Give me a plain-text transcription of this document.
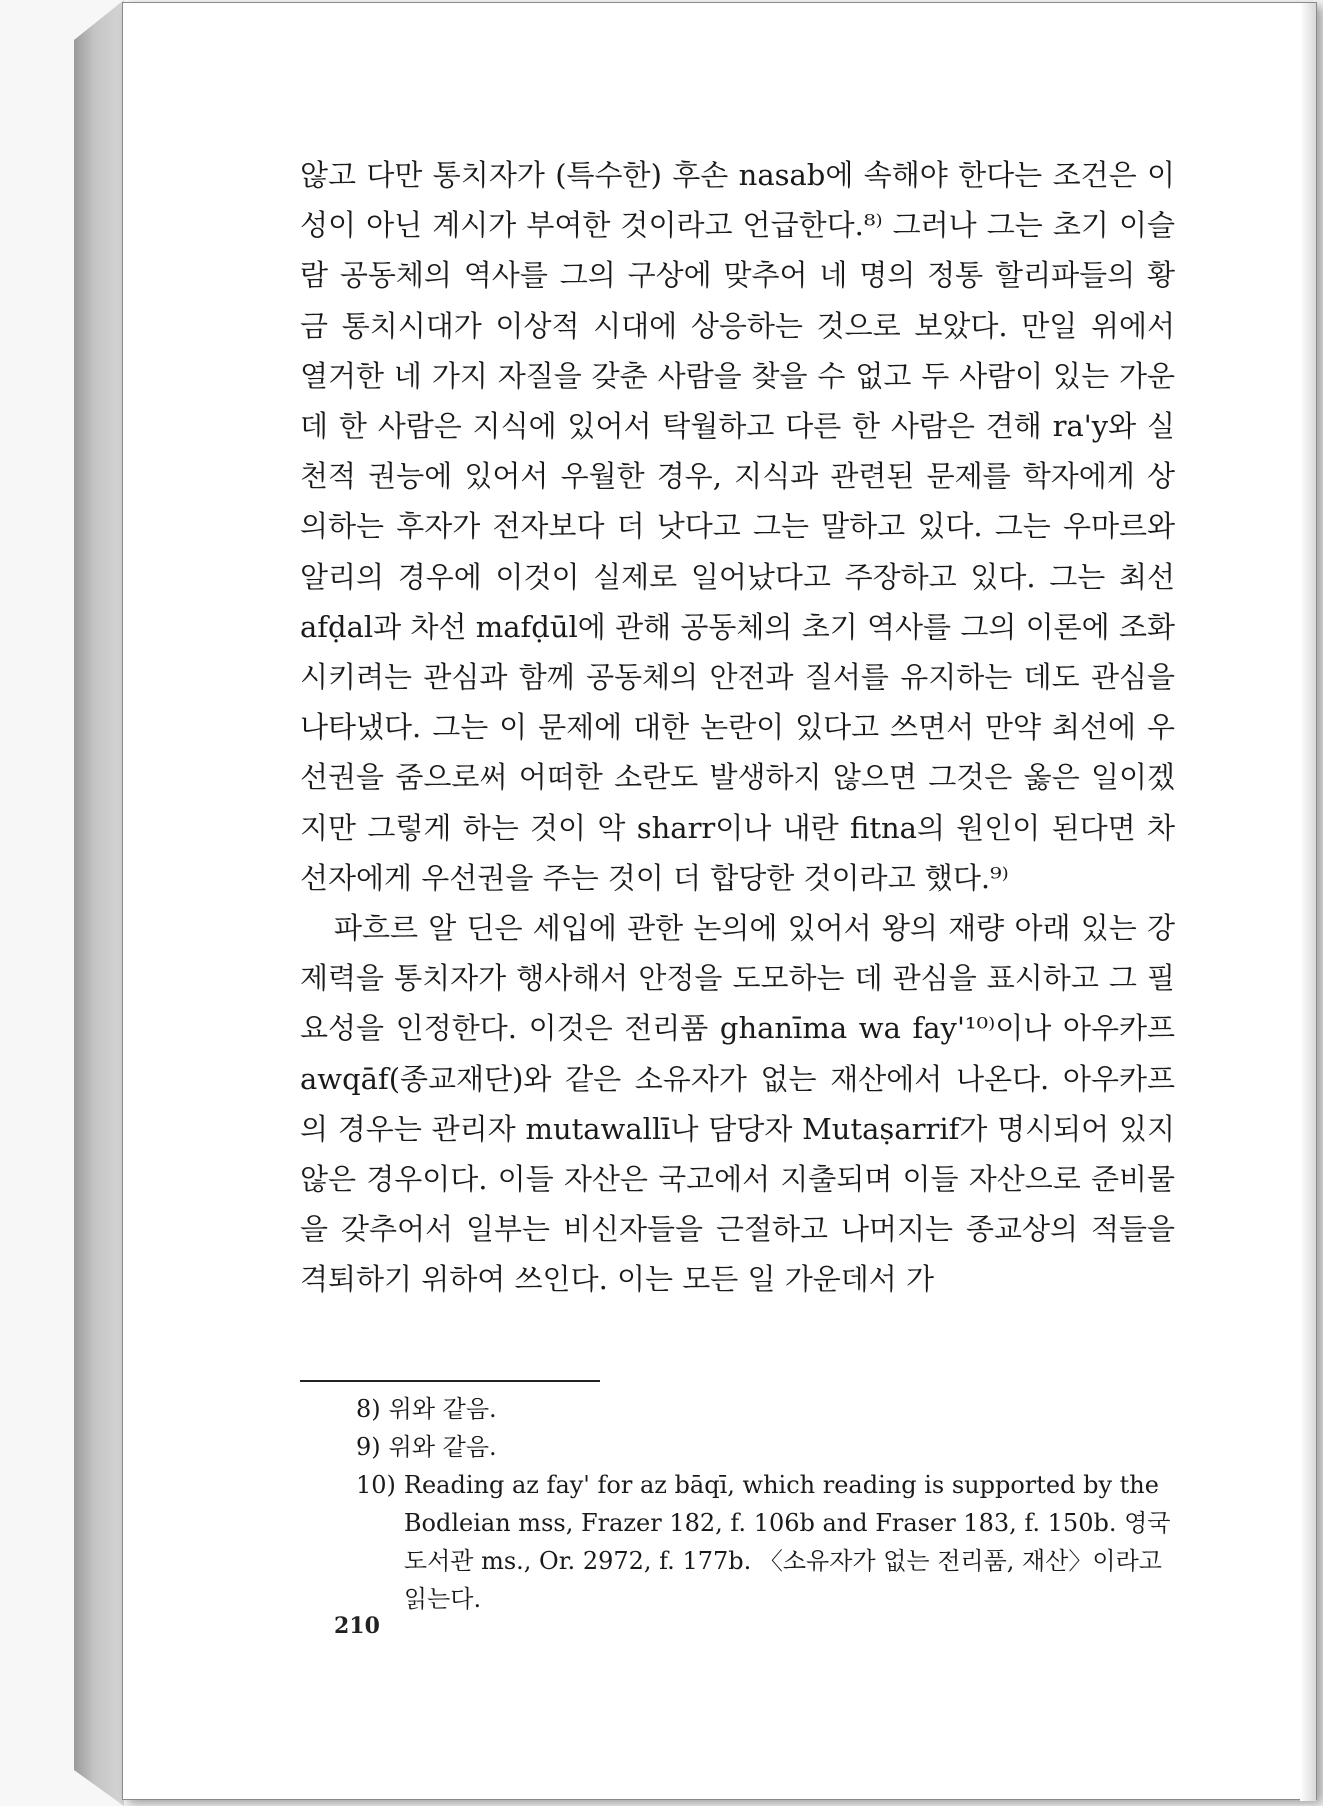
않고 다만 통치자가 (특수한) 후손 nasab에 속해야 한다는 조건은 이성이 아닌 계시가 부여한 것이라고 언급한다.⁸⁾ 그러나 그는 초기 이슬람 공동체의 역사를 그의 구상에 맞추어 네 명의 정통 할리파들의 황금 통치시대가 이상적 시대에 상응하는 것으로 보았다. 만일 위에서 열거한 네 가지 자질을 갖춘 사람을 찾을 수 없고 두 사람이 있는 가운데 한 사람은 지식에 있어서 탁월하고 다른 한 사람은 견해 ra'y와 실천적 권능에 있어서 우월한 경우, 지식과 관련된 문제를 학자에게 상의하는 후자가 전자보다 더 낫다고 그는 말하고 있다. 그는 우마르와 알리의 경우에 이것이 실제로 일어났다고 주장하고 있다. 그는 최선 afḍal과 차선 mafḍūl에 관해 공동체의 초기 역사를 그의 이론에 조화시키려는 관심과 함께 공동체의 안전과 질서를 유지하는 데도 관심을 나타냈다. 그는 이 문제에 대한 논란이 있다고 쓰면서 만약 최선에 우선권을 줌으로써 어떠한 소란도 발생하지 않으면 그것은 옳은 일이겠지만 그렇게 하는 것이 악 sharr이나 내란 fitna의 원인이 된다면 차선자에게 우선권을 주는 것이 더 합당한 것이라고 했다.⁹⁾

파흐르 알 딘은 세입에 관한 논의에 있어서 왕의 재량 아래 있는 강제력을 통치자가 행사해서 안정을 도모하는 데 관심을 표시하고 그 필요성을 인정한다. 이것은 전리품 ghanīma wa fay'¹⁰⁾이나 아우카프 awqāf(종교재단)와 같은 소유자가 없는 재산에서 나온다. 아우카프의 경우는 관리자 mutawallī나 담당자 Mutaṣarrif가 명시되어 있지 않은 경우이다. 이들 자산은 국고에서 지출되며 이들 자산으로 준비물을 갖추어서 일부는 비신자들을 근절하고 나머지는 종교상의 적들을 격퇴하기 위하여 쓰인다. 이는 모든 일 가운데서 가

8) 위와 같음.
9) 위와 같음.
10) Reading az fay' for az bāqī, which reading is supported by the Bodleian mss, Frazer 182, f. 106b and Fraser 183, f. 150b. 영국 도서관 ms., Or. 2972, f. 177b. 〈소유자가 없는 전리품, 재산〉이라고 읽는다.
210
